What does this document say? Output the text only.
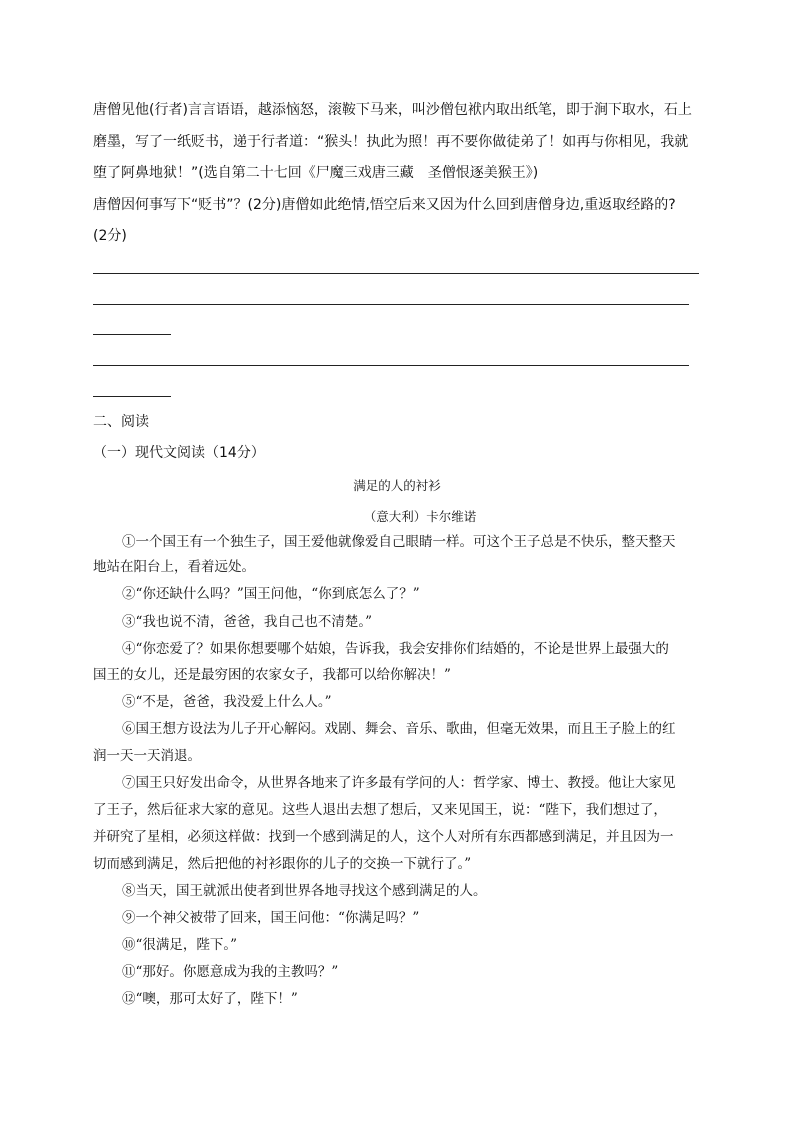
唐僧见他(行者)言言语语，越添恼怒，滚鞍下马来，叫沙僧包袱内取出纸笔，即于涧下取水，石上
磨墨，写了一纸贬书，递于行者道：“猴头！执此为照！再不要你做徒弟了！如再与你相见，我就
堕了阿鼻地狱！”(选自第二十七回《尸魔三戏唐三藏　圣僧恨逐美猴王》)
唐僧因何事写下“贬书”？(2分)唐僧如此绝情,悟空后来又因为什么回到唐僧身边,重返取经路的?
(2分)
二、阅读
（一）现代文阅读（14分）
满足的人的衬衫
（意大利）卡尔维诺
①一个国王有一个独生子，国王爱他就像爱自己眼睛一样。可这个王子总是不快乐，整天整天
地站在阳台上，看着远处。
②“你还缺什么吗？”国王问他，“你到底怎么了？”
③“我也说不清，爸爸，我自己也不清楚。”
④“你恋爱了？如果你想要哪个姑娘，告诉我，我会安排你们结婚的，不论是世界上最强大的
国王的女儿，还是最穷困的农家女子，我都可以给你解决！”
⑤“不是，爸爸，我没爱上什么人。”
⑥国王想方设法为儿子开心解闷。戏剧、舞会、音乐、歌曲，但毫无效果，而且王子脸上的红
润一天一天消退。
⑦国王只好发出命令，从世界各地来了许多最有学问的人：哲学家、博士、教授。他让大家见
了王子，然后征求大家的意见。这些人退出去想了想后，又来见国王，说：“陛下，我们想过了，
并研究了星相，必须这样做：找到一个感到满足的人，这个人对所有东西都感到满足，并且因为一
切而感到满足，然后把他的衬衫跟你的儿子的交换一下就行了。”
⑧当天，国王就派出使者到世界各地寻找这个感到满足的人。
⑨一个神父被带了回来，国王问他：“你满足吗？”
⑩“很满足，陛下。”
⑪“那好。你愿意成为我的主教吗？”
⑫“噢，那可太好了，陛下！”
